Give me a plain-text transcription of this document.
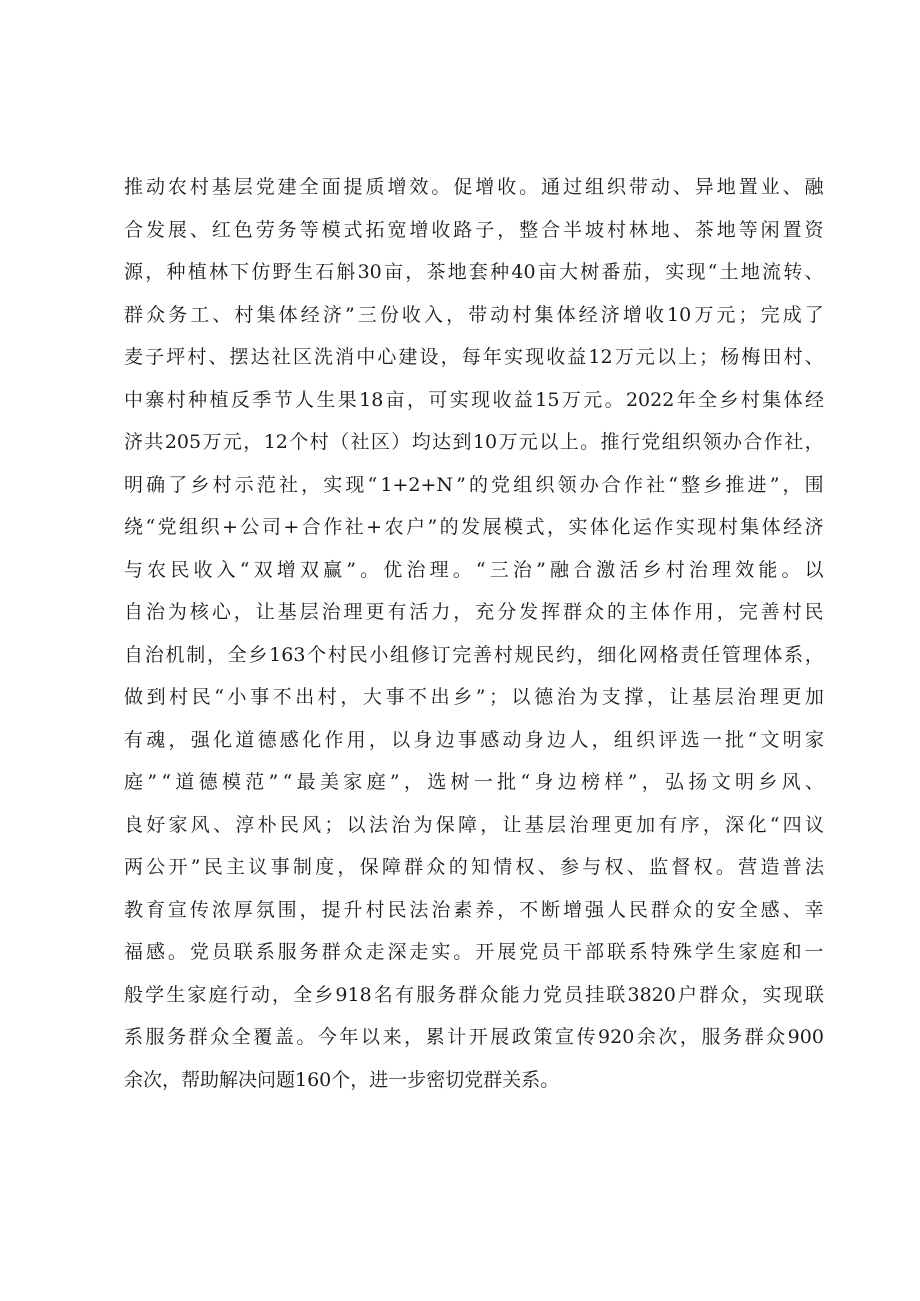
推 动 农 村 基 层 党 建 全 面 提 质 增 效 。 促 增 收 。 通 过 组 织 带 动 、 异 地 置 业 、 融
合 发 展 、 红 色 劳 务 等 模 式 拓 宽 增 收 路 子 ， 整 合 半 坡 村 林 地 、 茶 地 等 闲 置 资
源 ， 种 植 林 下 仿 野 生 石 斛 30 亩 ， 茶 地 套 种 40 亩 大 树 番 茄 ， 实 现 “ 土 地 流 转 、
群 众 务 工 、 村 集 体 经 济 ” 三 份 收 入 ， 带 动 村 集 体 经 济 增 收 10 万 元 ； 完 成 了
麦 子 坪 村 、 摆 达 社 区 洗 消 中 心 建 设 ， 每 年 实 现 收 益 12 万 元 以 上 ； 杨 梅 田 村 、
中 寨 村 种 植 反 季 节 人 生 果 18 亩 ， 可 实 现 收 益 15 万 元 。 2022 年 全 乡 村 集 体 经
济 共 205 万 元 ， 12 个 村 （ 社 区 ） 均 达 到 10 万 元 以 上 。 推 行 党 组 织 领 办 合 作 社 ，
明 确 了 乡 村 示 范 社 ， 实 现 “ 1+2+N ” 的 党 组 织 领 办 合 作 社 “ 整 乡 推 进 ” ， 围
绕 “ 党 组 织 + 公 司 + 合 作 社 + 农 户 ” 的 发 展 模 式 ， 实 体 化 运 作 实 现 村 集 体 经 济
与 农 民 收 入 “ 双 增 双 赢 ” 。 优 治 理 。 “ 三 治 ” 融 合 激 活 乡 村 治 理 效 能 。 以
自 治 为 核 心 ， 让 基 层 治 理 更 有 活 力 ， 充 分 发 挥 群 众 的 主 体 作 用 ， 完 善 村 民
自 治 机 制 ， 全 乡 163 个 村 民 小 组 修 订 完 善 村 规 民 约 ， 细 化 网 格 责 任 管 理 体 系 ，
做 到 村 民 “ 小 事 不 出 村 ， 大 事 不 出 乡 ” ； 以 德 治 为 支 撑 ， 让 基 层 治 理 更 加
有 魂 ， 强 化 道 德 感 化 作 用 ， 以 身 边 事 感 动 身 边 人 ， 组 织 评 选 一 批 “ 文 明 家
庭 ” “ 道 德 模 范 ” “ 最 美 家 庭 ” ， 选 树 一 批 “ 身 边 榜 样 ” ， 弘 扬 文 明 乡 风 、
良 好 家 风 、 淳 朴 民 风 ； 以 法 治 为 保 障 ， 让 基 层 治 理 更 加 有 序 ， 深 化 “ 四 议
两 公 开 ” 民 主 议 事 制 度 ， 保 障 群 众 的 知 情 权 、 参 与 权 、 监 督 权 。 营 造 普 法
教 育 宣 传 浓 厚 氛 围 ， 提 升 村 民 法 治 素 养 ， 不 断 增 强 人 民 群 众 的 安 全 感 、 幸
福 感 。 党 员 联 系 服 务 群 众 走 深 走 实 。 开 展 党 员 干 部 联 系 特 殊 学 生 家 庭 和 一
般 学 生 家 庭 行 动 ， 全 乡 918 名 有 服 务 群 众 能 力 党 员 挂 联 3820 户 群 众 ， 实 现 联
系 服 务 群 众 全 覆 盖 。 今 年 以 来 ， 累 计 开 展 政 策 宣 传 920 余 次 ， 服 务 群 众 900
余次，帮助解决问题160个，进一步密切党群关系。
